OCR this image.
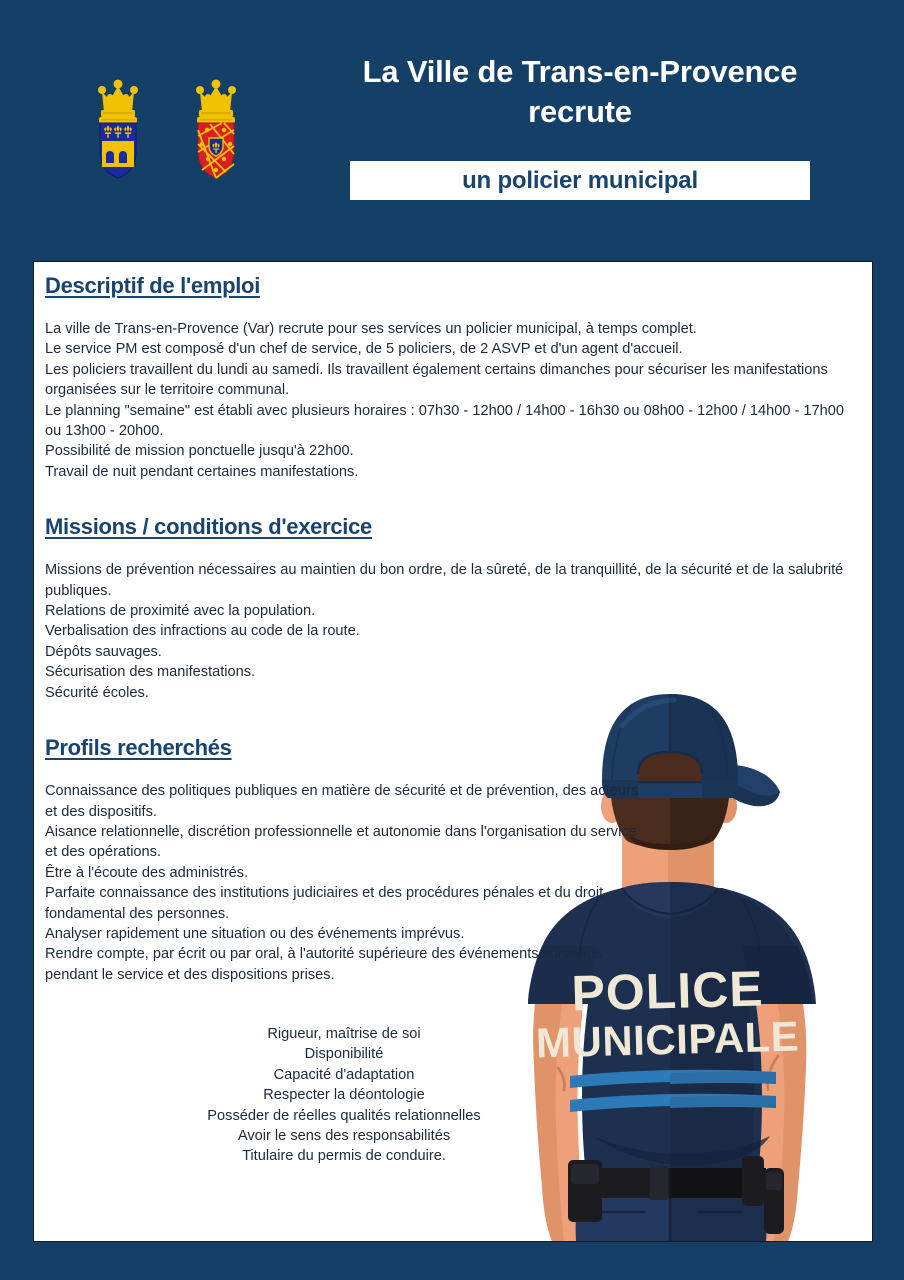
La Ville de Trans-en-Provence
recrute
un policier municipal
POLICE
MUNICIPALE
Descriptif de l'emploi

La ville de Trans-en-Provence (Var) recrute pour ses services un policier municipal, à temps complet.

Le service PM est composé d'un chef de service, de 5 policiers, de 2 ASVP et d'un agent d'accueil.

Les policiers travaillent du lundi au samedi. Ils travaillent également certains dimanches pour sécuriser les manifestations organisées sur le territoire communal.

Le planning "semaine" est établi avec plusieurs horaires : 07h30 - 12h00 / 14h00 - 16h30 ou 08h00 - 12h00 / 14h00 - 17h00 ou 13h00 - 20h00.

Possibilité de mission ponctuelle jusqu'à 22h00.

Travail de nuit pendant certaines manifestations.

Missions / conditions d'exercice

Missions de prévention nécessaires au maintien du bon ordre, de la sûreté, de la tranquillité, de la sécurité et de la salubrité publiques.

Relations de proximité avec la population.

Verbalisation des infractions au code de la route.

Dépôts sauvages.

Sécurisation des manifestations.

Sécurité écoles.

Profils recherchés

Connaissance des politiques publiques en matière de sécurité et de prévention, des acteurs et des dispositifs.

Aisance relationnelle, discrétion professionnelle et autonomie dans l'organisation du service et des opérations.

Être à l'écoute des administrés.

Parfaite connaissance des institutions judiciaires et des procédures pénales et du droit fondamental des personnes.

Analyser rapidement une situation ou des événements imprévus.

Rendre compte, par écrit ou par oral, à l'autorité supérieure des événements survenus pendant le service et des dispositions prises.

Rigueur, maîtrise de soi

Disponibilité

Capacité d'adaptation

Respecter la déontologie

Posséder de réelles qualités relationnelles

Avoir le sens des responsabilités

Titulaire du permis de conduire.
